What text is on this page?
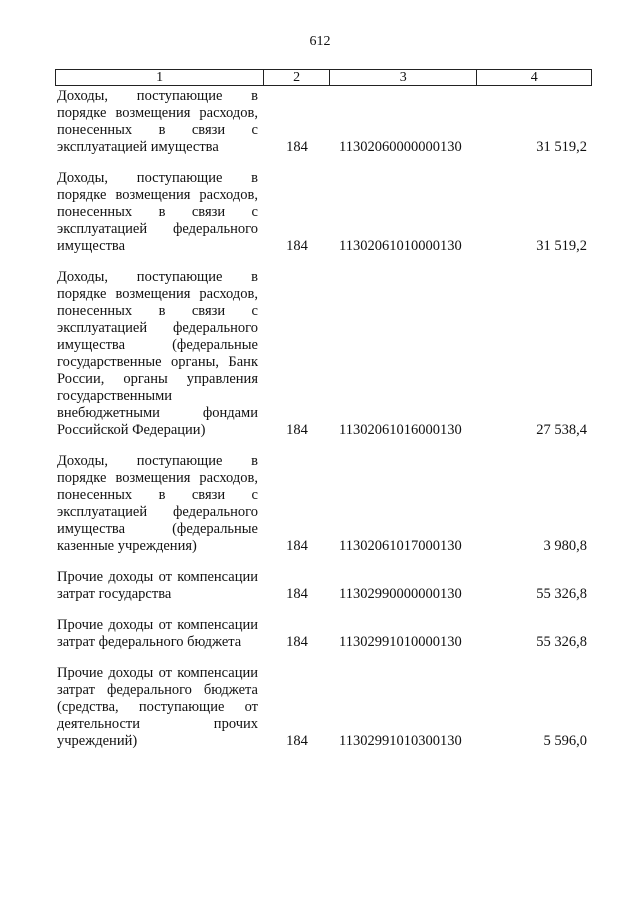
612
1	2	3	4
Доходы, поступающие в порядке возмещения расходов, понесенных в связи с эксплуатацией имущества	184 11302060000000130	31 519,2
Доходы, поступающие в порядке возмещения расходов, понесенных в связи с эксплуатацией федерального имущества	184 11302061010000130	31 519,2
Доходы, поступающие в порядке возмещения расходов, понесенных в связи с эксплуатацией федерального имущества (федеральные государственные органы, Банк России, органы управления государственными внебюджетными фондами Российской Федерации)	184 11302061016000130	27 538,4
Доходы, поступающие в порядке возмещения расходов, понесенных в связи с эксплуатацией федерального имущества (федеральные казенные учреждения)	184 11302061017000130	3 980,8
Прочие доходы от компенсации затрат государства	184 11302990000000130	55 326,8
Прочие доходы от компенсации затрат федерального бюджета	184 11302991010000130	55 326,8
Прочие доходы от компенсации затрат федерального бюджета (средства, поступающие от деятельности прочих учреждений)	184 11302991010300130	5 596,0
